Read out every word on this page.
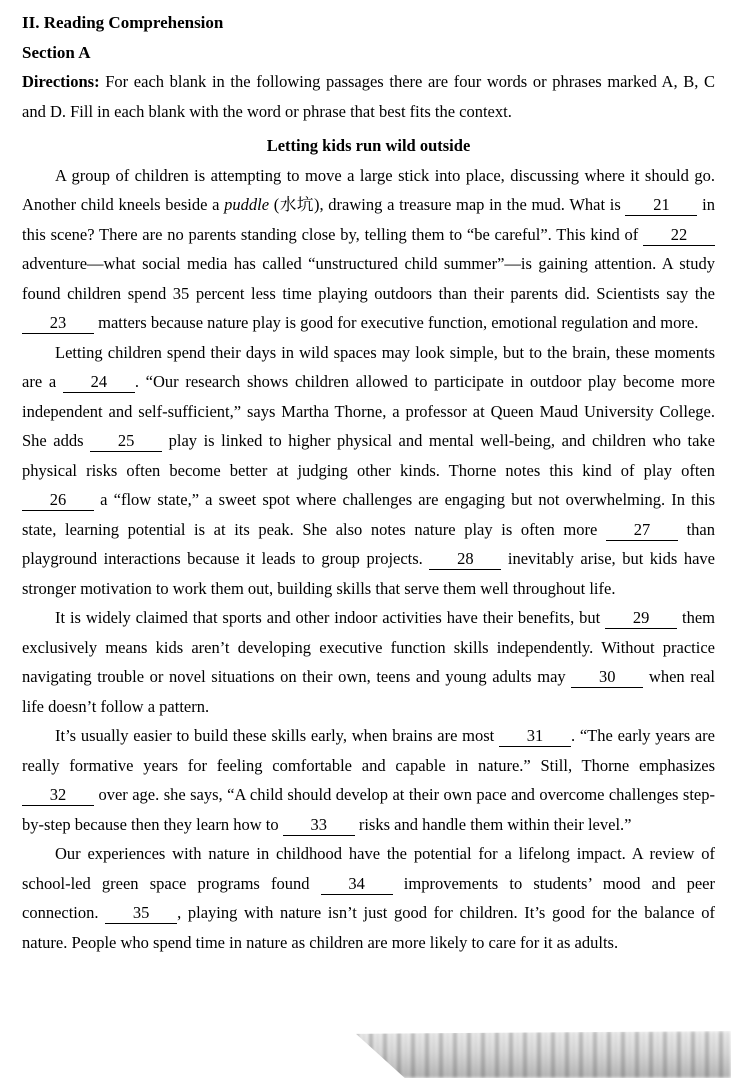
II. Reading Comprehension

Section A

Directions: For each blank in the following passages there are four words or phrases marked A, B, C and D. Fill in each blank with the word or phrase that best fits the context.

Letting kids run wild outside

A group of children is attempting to move a large stick into place, discussing where it should go. Another child kneels beside a puddle (水坑), drawing a treasure map in the mud. What is 21 in this scene? There are no parents standing close by, telling them to “be careful”. This kind of 22 adventure—what social media has called “unstructured child summer”—is gaining attention. A study found children spend 35 percent less time playing outdoors than their parents did. Scientists say the 23 matters because nature play is good for executive function, emotional regulation and more.

Letting children spend their days in wild spaces may look simple, but to the brain, these moments are a 24 . “Our research shows children allowed to participate in outdoor play become more independent and self-sufficient,” says Martha Thorne, a professor at Queen Maud University College. She adds 25 play is linked to higher physical and mental well-being, and children who take physical risks often become better at judging other kinds. Thorne notes this kind of play often 26 a “flow state,” a sweet spot where challenges are engaging but not overwhelming. In this state, learning potential is at its peak. She also notes nature play is often more 27 than playground interactions because it leads to group projects. 28 inevitably arise, but kids have stronger motivation to work them out, building skills that serve them well throughout life.

It is widely claimed that sports and other indoor activities have their benefits, but 29 them exclusively means kids aren’t developing executive function skills independently. Without practice navigating trouble or novel situations on their own, teens and young adults may 30 when real life doesn’t follow a pattern.

It’s usually easier to build these skills early, when brains are most 31 . “The early years are really formative years for feeling comfortable and capable in nature.” Still, Thorne emphasizes 32 over age. she says, “A child should develop at their own pace and overcome challenges step-by-step because then they learn how to 33 risks and handle them within their level.”

Our experiences with nature in childhood have the potential for a lifelong impact. A review of school-led green space programs found 34 improvements to students’ mood and peer connection. 35 , playing with nature isn’t just good for children. It’s good for the balance of nature. People who spend time in nature as children are more likely to care for it as adults.
